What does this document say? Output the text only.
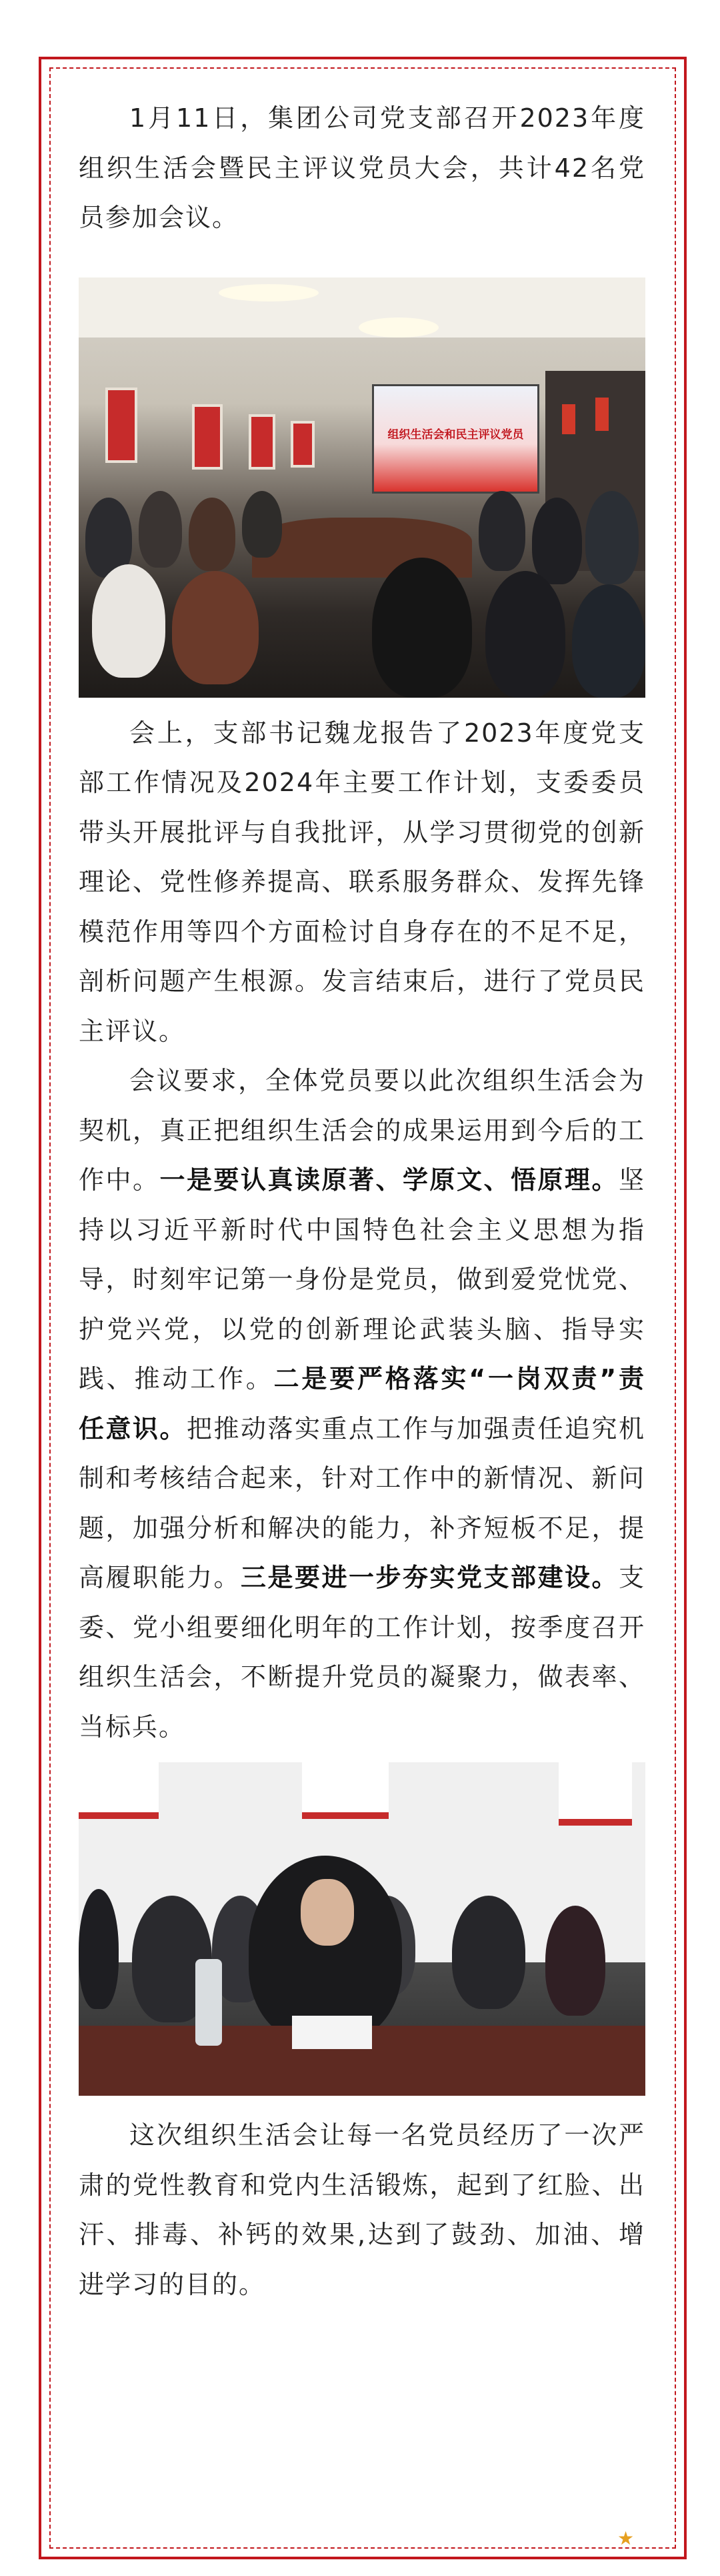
1月11日，集团公司党支部召开2023年度组织生活会暨民主评议党员大会，共计42名党员参加会议。

组织生活会和民主评议党员

会上，支部书记魏龙报告了2023年度党支部工作情况及2024年主要工作计划，支委委员带头开展批评与自我批评，从学习贯彻党的创新理论、党性修养提高、联系服务群众、发挥先锋模范作用等四个方面检讨自身存在的不足不足，剖析问题产生根源。发言结束后，进行了党员民主评议。

会议要求，全体党员要以此次组织生活会为契机，真正把组织生活会的成果运用到今后的工作中。一是要认真读原著、学原文、悟原理。坚持以习近平新时代中国特色社会主义思想为指导，时刻牢记第一身份是党员，做到爱党忧党、护党兴党，以党的创新理论武装头脑、指导实践、推动工作。二是要严格落实“一岗双责”责任意识。把推动落实重点工作与加强责任追究机制和考核结合起来，针对工作中的新情况、新问题，加强分析和解决的能力，补齐短板不足，提高履职能力。三是要进一步夯实党支部建设。支委、党小组要细化明年的工作计划，按季度召开组织生活会，不断提升党员的凝聚力，做表率、当标兵。

这次组织生活会让每一名党员经历了一次严肃的党性教育和党内生活锻炼，起到了红脸、出汗、排毒、补钙的效果,达到了鼓劲、加油、增进学习的目的。

★
